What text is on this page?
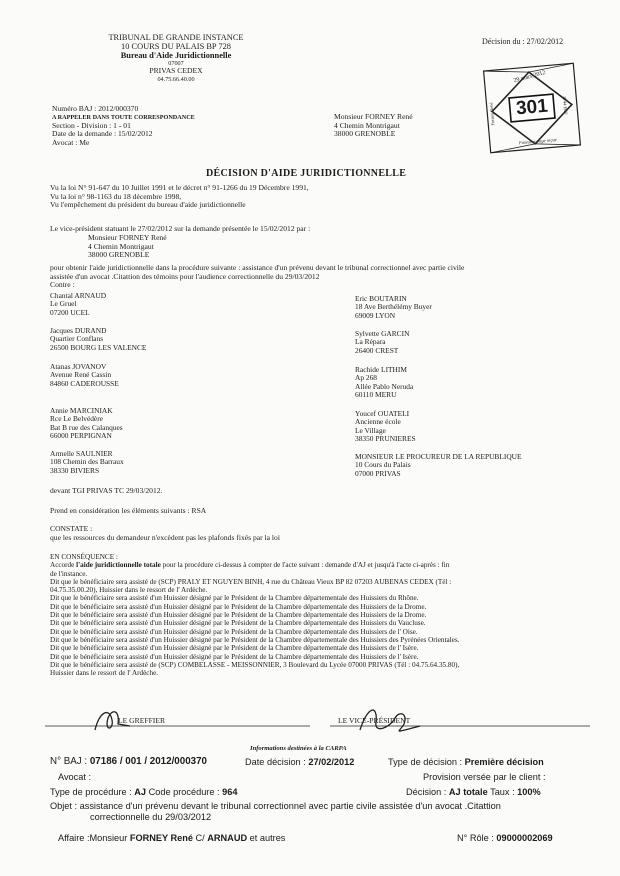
TRIBUNAL DE GRANDE INSTANCE
10 COURS DU PALAIS BP 728
Bureau d'Aide Juridictionnelle
07007
PRIVAS CEDEX
04.75.66.40.00
Décision du : 27/02/2012
29 mars 2012
301
Forney René	8744 ECF
Fontaine page reçue
Numéro BAJ : 2012/000370
A RAPPELER DANS TOUTE CORRESPONDANCE
Section - Division : 1 - 01
Date de la demande : 15/02/2012
Avocat : Me
Monsieur FORNEY René
4 Chemin Montrigaut
38000 GRENOBLE
DÉCISION D'AIDE JURIDICTIONNELLE
Vu la loi N° 91-647 du 10 Juillet 1991 et le décret n° 91-1266 du 19 Décembre 1991,
Vu la loi n° 98-1163 du 18 décembre 1998,
Vu l'empêchement du président du bureau d'aide juridictionnelle
Le vice-président statuant le 27/02/2012 sur la demande présentée le 15/02/2012 par :
Monsieur FORNEY René
4 Chemin Montrigaut
38000 GRENOBLE
pour obtenir l'aide juridictionnelle dans la procédure suivante : assistance d'un prévenu devant le tribunal correctionnel avec partie civile
assistée d'un avocat .Citattion des témoins pour l'audience correctionnelle du 29/03/2012
Contre :
Chantal ARNAUD
Le Gruel
07200 UCEL
Eric BOUTARIN
18 Ave Berthélémy Buyer
69009 LYON
Jacques DURAND
Quartier Conflans
26500 BOURG LES VALENCE
Sylvette GARCIN
La Répara
26400 CREST
Atanas JOVANOV
Avenue René Cassin
84860 CADEROUSSE
Rachide LITHIM
Ap 268
Allée Pablo Neruda
60110 MERU
Annie MARCINIAK
Rce Le Belvédère
Bat B rue des Calanques
66000 PERPIGNAN
Youcef OUATELI
Ancienne école
Le Village
38350 PRUNIERES
Armelle SAULNIER
108 Chemin des Barraux
38330 BIVIERS
MONSIEUR LE PROCUREUR DE LA REPUBLIQUE
10 Cours du Palais
07000 PRIVAS
devant TGI PRIVAS TC 29/03/2012.
Prend en considération les éléments suivants : RSA
CONSTATE :
que les ressources du demandeur n'excèdent pas les plafonds fixés par la loi
EN CONSÉQUENCE :
Accorde l'aide juridictionnelle totale pour la procédure ci-dessus à compter de l'acte suivant : demande d'AJ et jusqu'à l'acte ci-après : fin
de l'instance.
Dit que le bénéficiaire sera assisté de (SCP) PRALY ET NGUYEN BINH, 4 rue du Château Vieux BP 82 07203 AUBENAS CEDEX (Tél :
04.75.35.00.20), Huissier dans le ressort de l' Ardèche.
Dit que le bénéficiaire sera assisté d'un Huissier désigné par le Président de la Chambre départementale des Huissiers du Rhône.
Dit que le bénéficiaire sera assisté d'un Huissier désigné par le Président de la Chambre départementale des Huissiers de la Drome.
Dit que le bénéficiaire sera assisté d'un Huissier désigné par le Président de la Chambre départementale des Huissiers de la Drome.
Dit que le bénéficiaire sera assisté d'un Huissier désigné par le Président de la Chambre départementale des Huissiers du Vaucluse.
Dit que le bénéficiaire sera assisté d'un Huissier désigné par le Président de la Chambre départementale des Huissiers de l' Oise.
Dit que le bénéficiaire sera assisté d'un Huissier désigné par le Président de la Chambre départementale des Huissiers des Pyrénées Orientales.
Dit que le bénéficiaire sera assisté d'un Huissier désigné par le Président de la Chambre départementale des Huissiers de l' Isère.
Dit que le bénéficiaire sera assisté d'un Huissier désigné par le Président de la Chambre départementale des Huissiers de l' Isère.
Dit que le bénéficiaire sera assisté de (SCP) COMBELASSE - MEISSONNIER, 3 Boulevard du Lycée 07000 PRIVAS (Tél : 04.75.64.35.80),
Huissier dans le ressort de l' Ardèche.
LE GREFFIER	LE VICE-PRÉSIDENT
Informations destinées à la CARPA
N° BAJ : 07186 / 001 / 2012/000370	Date décision : 27/02/2012	Type de décision : Première décision
Avocat :	Provision versée par le client :
Type de procédure : AJ Code procédure : 964	Décision : AJ totale Taux : 100%
Objet : assistance d'un prévenu devant le tribunal correctionnel avec partie civile assistée d'un avocat .Citattion
correctionnelle du 29/03/2012
Affaire :Monsieur FORNEY René C/ ARNAUD et autres	N° Rôle : 09000002069
